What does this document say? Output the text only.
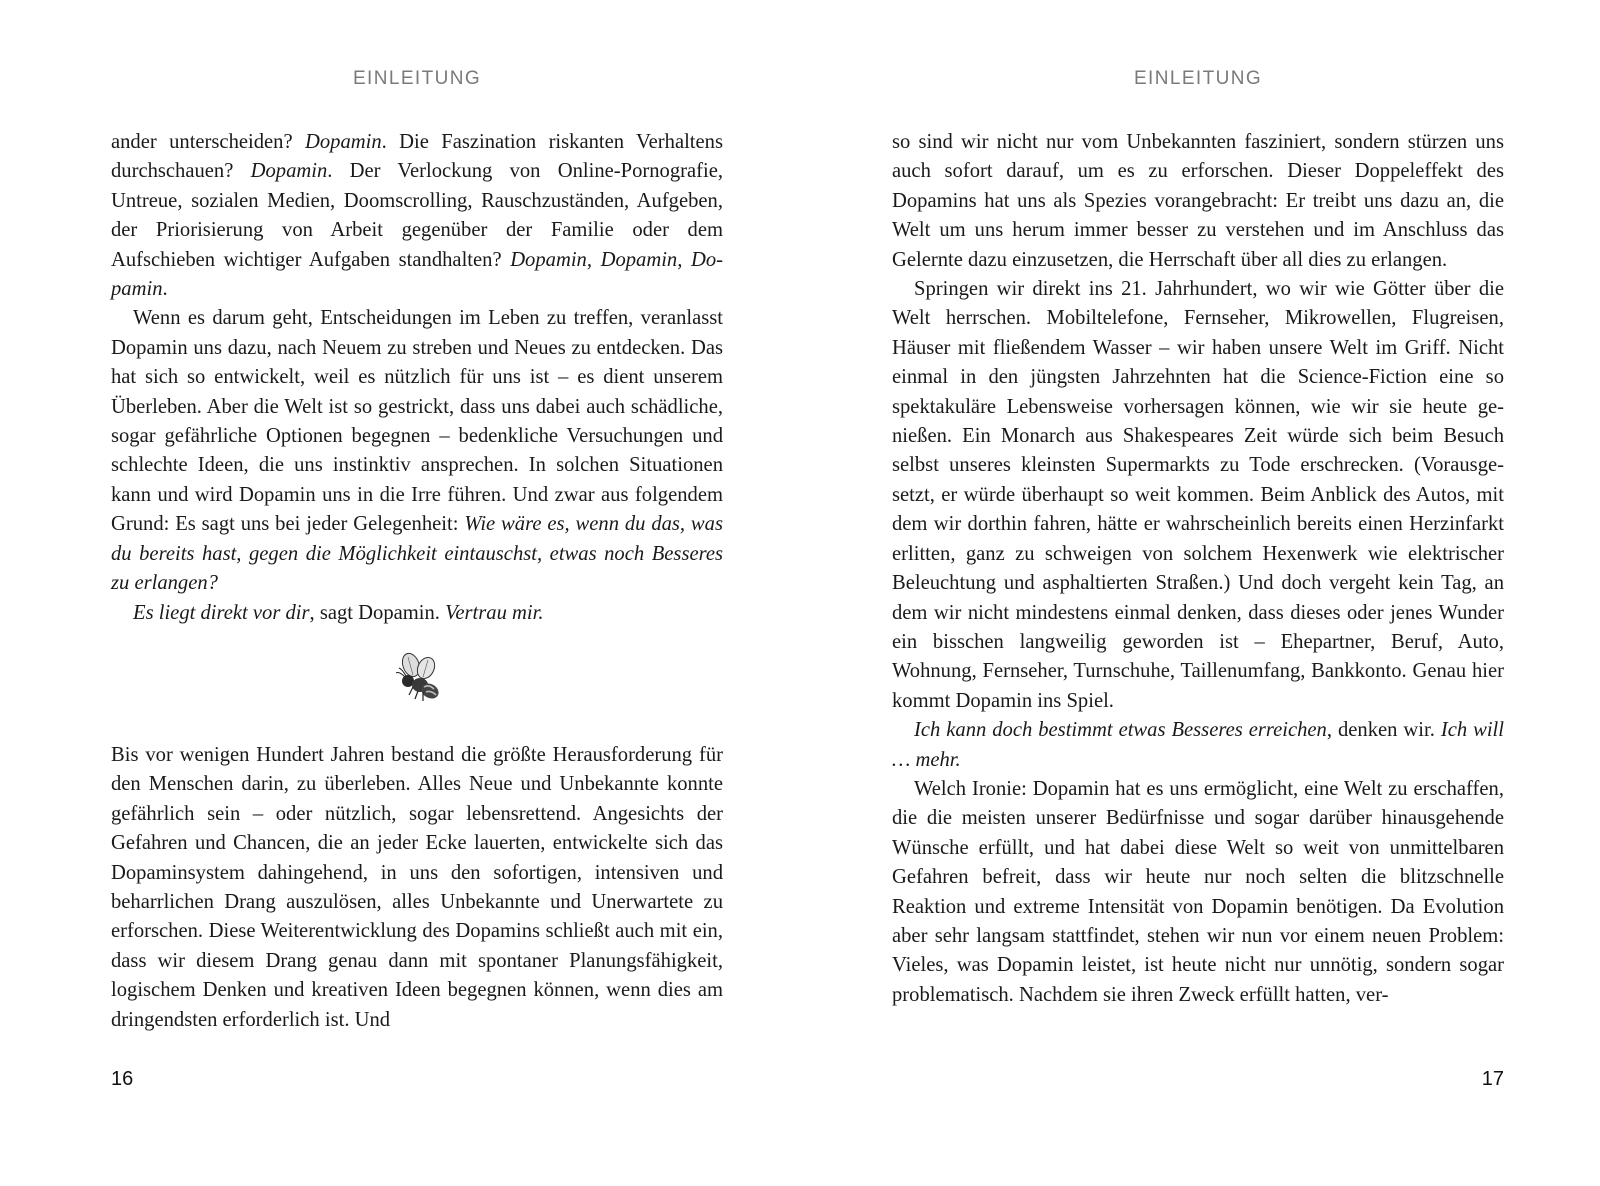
EINLEITUNG

ander unterscheiden? Dopamin. Die Faszination riskanten Verhaltens durchschauen? Dopamin. Der Verlockung von Online-Pornografie, Untreue, sozialen Medien, Doomscrolling, Rauschzuständen, Aufgeben, der Priorisierung von Arbeit gegenüber der Familie oder dem Aufschieben wichtiger Aufgaben standhalten? Dopamin, Dopamin, Dopamin.

Wenn es darum geht, Entscheidungen im Leben zu treffen, veranlasst Dopamin uns dazu, nach Neuem zu streben und Neues zu entdecken. Das hat sich so entwickelt, weil es nützlich für uns ist – es dient unserem Überleben. Aber die Welt ist so gestrickt, dass uns dabei auch schädliche, sogar gefährliche Optionen begegnen – bedenkliche Versuchungen und schlechte Ideen, die uns instinktiv ansprechen. In solchen Situationen kann und wird Dopamin uns in die Irre führen. Und zwar aus folgendem Grund: Es sagt uns bei jeder Gelegenheit: Wie wäre es, wenn du das, was du bereits hast, gegen die Möglichkeit eintauschst, etwas noch Besseres zu erlangen?

Es liegt direkt vor dir, sagt Dopamin. Vertrau mir.

Bis vor wenigen Hundert Jahren bestand die größte Herausforderung für den Menschen darin, zu überleben. Alles Neue und Unbekannte konnte gefährlich sein – oder nützlich, sogar lebensrettend. Angesichts der Gefahren und Chancen, die an jeder Ecke lauerten, entwickelte sich das Dopaminsystem dahingehend, in uns den sofortigen, intensiven und beharrlichen Drang auszulösen, alles Unbekannte und Unerwartete zu erforschen. Diese Weiterentwicklung des Dopamins schließt auch mit ein, dass wir diesem Drang genau dann mit spontaner Planungsfähigkeit, logischem Denken und kreativen Ideen begegnen können, wenn dies am dringendsten erforderlich ist. Und

16
EINLEITUNG

so sind wir nicht nur vom Unbekannten fasziniert, sondern stürzen uns auch sofort darauf, um es zu erforschen. Dieser Doppeleffekt des Dopamins hat uns als Spezies vorangebracht: Er treibt uns dazu an, die Welt um uns herum immer besser zu verstehen und im Anschluss das Gelernte dazu einzusetzen, die Herrschaft über all dies zu erlangen.

Springen wir direkt ins 21. Jahrhundert, wo wir wie Götter über die Welt herrschen. Mobiltelefone, Fernseher, Mikrowellen, Flugreisen, Häuser mit fließendem Wasser – wir haben unsere Welt im Griff. Nicht einmal in den jüngsten Jahrzehnten hat die Science-Fiction eine so spektakuläre Lebensweise vorhersagen können, wie wir sie heute genießen. Ein Monarch aus Shakespeares Zeit würde sich beim Besuch selbst unseres kleinsten Supermarkts zu Tode erschrecken. (Vorausgesetzt, er würde überhaupt so weit kommen. Beim Anblick des Autos, mit dem wir dorthin fahren, hätte er wahrscheinlich bereits einen Herzinfarkt erlitten, ganz zu schweigen von solchem Hexenwerk wie elektrischer Beleuchtung und asphaltierten Straßen.) Und doch vergeht kein Tag, an dem wir nicht mindestens einmal denken, dass dieses oder jenes Wunder ein bisschen langweilig geworden ist – Ehepartner, Beruf, Auto, Wohnung, Fernseher, Turnschuhe, Taillenumfang, Bankkonto. Genau hier kommt Dopamin ins Spiel.

Ich kann doch bestimmt etwas Besseres erreichen, denken wir. Ich will … mehr.

Welch Ironie: Dopamin hat es uns ermöglicht, eine Welt zu erschaffen, die die meisten unserer Bedürfnisse und sogar darüber hinausgehende Wünsche erfüllt, und hat dabei diese Welt so weit von unmittelbaren Gefahren befreit, dass wir heute nur noch selten die blitzschnelle Reaktion und extreme Intensität von Dopamin benötigen. Da Evolution aber sehr langsam stattfindet, stehen wir nun vor einem neuen Problem: Vieles, was Dopamin leistet, ist heute nicht nur unnötig, sondern sogar problematisch. Nachdem sie ihren Zweck erfüllt hatten, ver-

17
